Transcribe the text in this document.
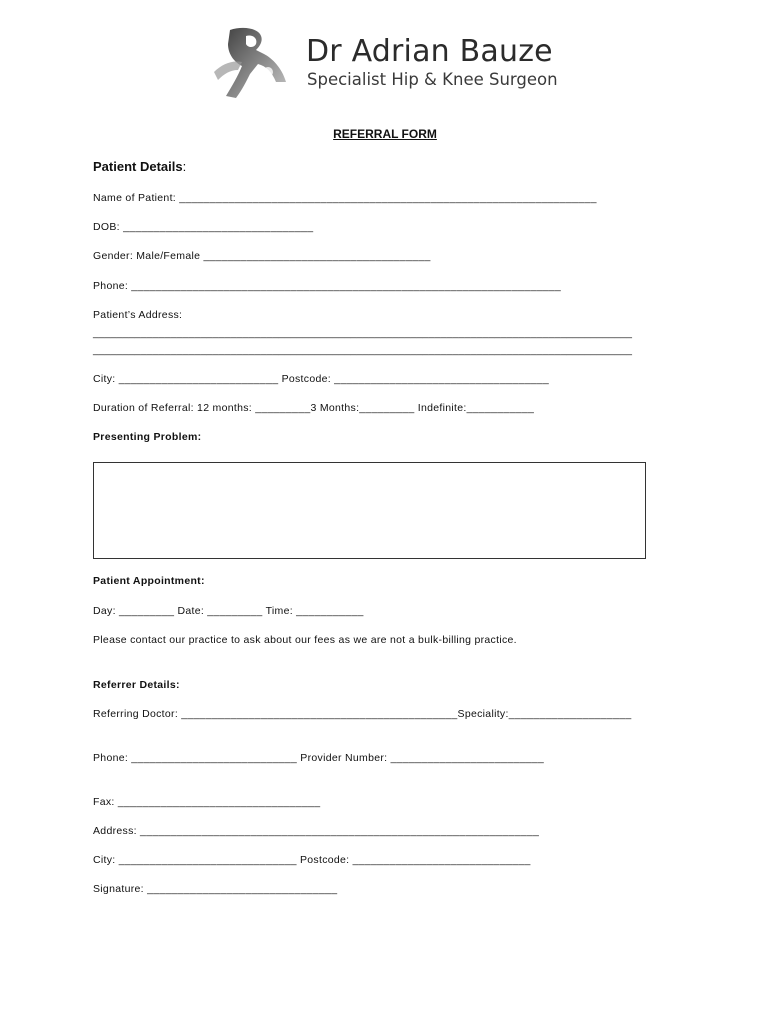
Dr Adrian Bauze
Specialist Hip & Knee Surgeon
REFERRAL FORM
Patient Details:
Name of Patient: ____________________________________________________________________
DOB: _______________________________
Gender: Male/Female _____________________________________
Phone: ______________________________________________________________________
Patient’s Address:
__________________________________________________________________________________________
__________________________________________________________________________________________
City: __________________________ Postcode: ___________________________________
Duration of Referral: 12 months: _________3 Months:_________ Indefinite:___________
Presenting Problem:
Patient Appointment:
Day: _________ Date: _________ Time: ___________
Please contact our practice to ask about our fees as we are not a bulk-billing practice.
Referrer Details:
Referring Doctor: _____________________________________________Speciality:____________________
Phone: ___________________________ Provider Number: _________________________
Fax: _________________________________
Address: _________________________________________________________________
City: _____________________________ Postcode: _____________________________
Signature: _______________________________
